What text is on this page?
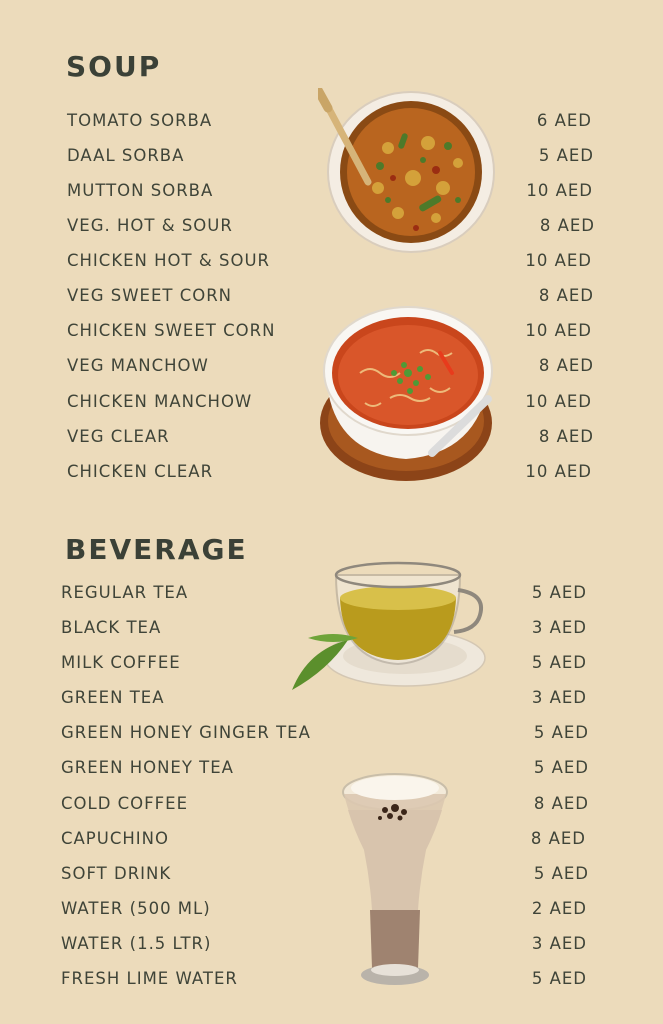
SOUP
TOMATO SORBA	6 AED
DAAL SORBA	5 AED
MUTTON SORBA	10 AED
VEG. HOT & SOUR	8 AED
CHICKEN HOT & SOUR	10 AED
VEG SWEET CORN	8 AED
CHICKEN SWEET CORN	10 AED
VEG MANCHOW	8 AED
CHICKEN MANCHOW	10 AED
VEG CLEAR	8 AED
CHICKEN CLEAR	10 AED
BEVERAGE
REGULAR TEA	5 AED
BLACK TEA	3 AED
MILK COFFEE	5 AED
GREEN TEA	3 AED
GREEN HONEY GINGER TEA	5 AED
GREEN HONEY TEA	5 AED
COLD COFFEE	8 AED
CAPUCHINO	8 AED
SOFT DRINK	5 AED
WATER (500 ML)	2 AED
WATER (1.5 LTR)	3 AED
FRESH LIME WATER	5 AED
